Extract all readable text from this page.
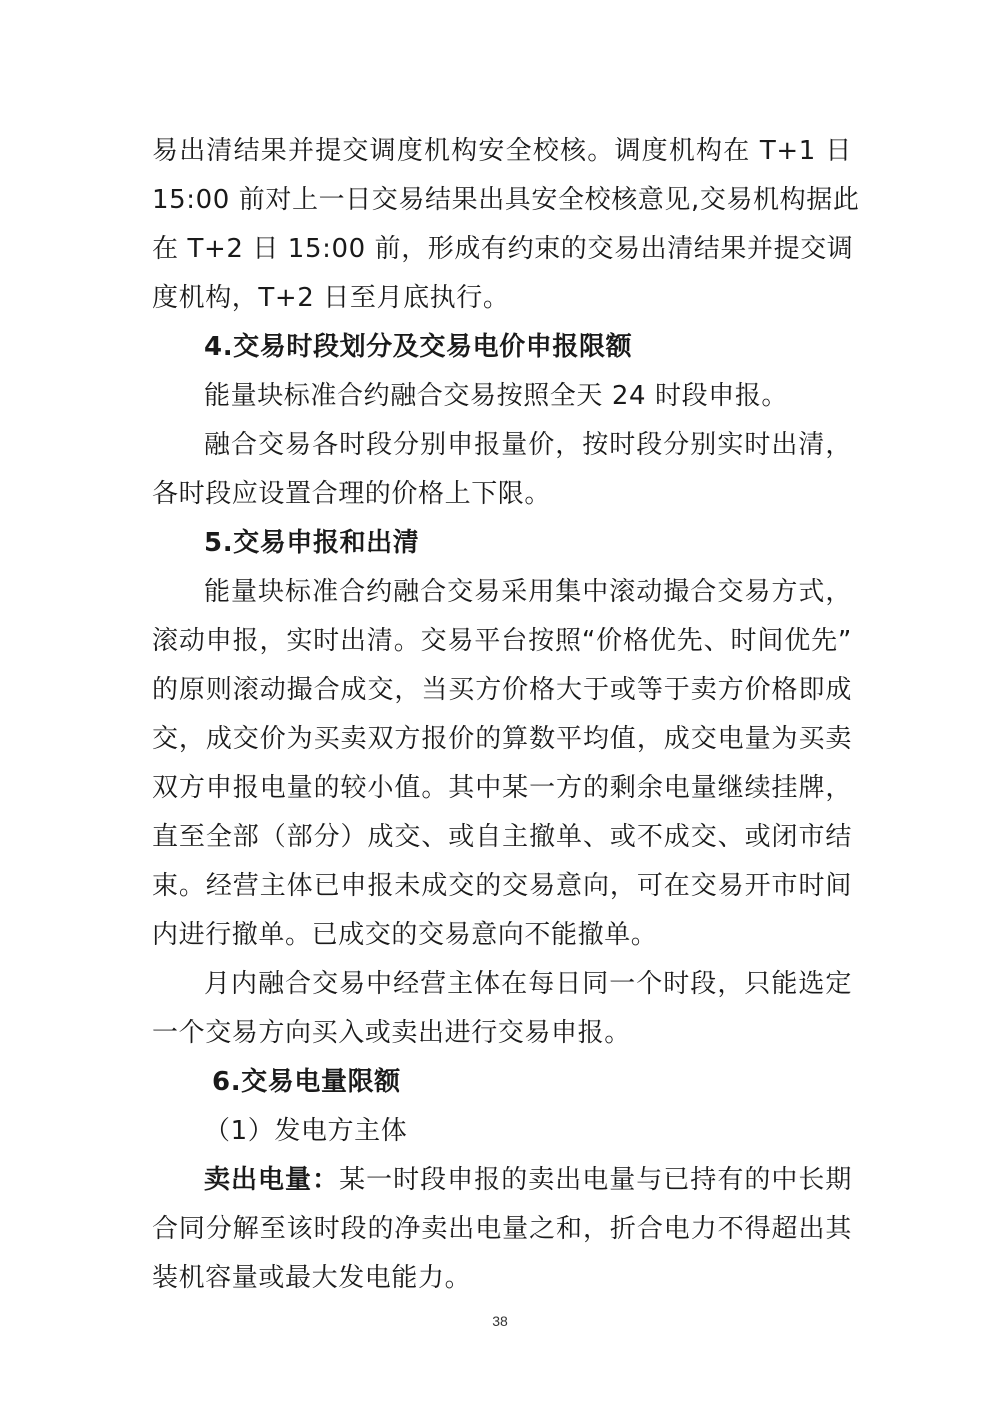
易出清结果并提交调度机构安全校核。调度机构在 T+1 日
15:00 前对上一日交易结果出具安全校核意见,交易机构据此
在 T+2 日 15:00 前，形成有约束的交易出清结果并提交调
度机构，T+2 日至月底执行。
4.交易时段划分及交易电价申报限额
能量块标准合约融合交易按照全天 24 时段申报。
融合交易各时段分别申报量价，按时段分别实时出清，
各时段应设置合理的价格上下限。
5.交易申报和出清
能量块标准合约融合交易采用集中滚动撮合交易方式，
滚动申报，实时出清。交易平台按照“价格优先、时间优先”
的原则滚动撮合成交，当买方价格大于或等于卖方价格即成
交，成交价为买卖双方报价的算数平均值，成交电量为买卖
双方申报电量的较小值。其中某一方的剩余电量继续挂牌，
直至全部（部分）成交、或自主撤单、或不成交、或闭市结
束。经营主体已申报未成交的交易意向，可在交易开市时间
内进行撤单。已成交的交易意向不能撤单。
月内融合交易中经营主体在每日同一个时段，只能选定
一个交易方向买入或卖出进行交易申报。
6.交易电量限额
（1）发电方主体
卖出电量：某一时段申报的卖出电量与已持有的中长期
合同分解至该时段的净卖出电量之和，折合电力不得超出其
装机容量或最大发电能力。
38
